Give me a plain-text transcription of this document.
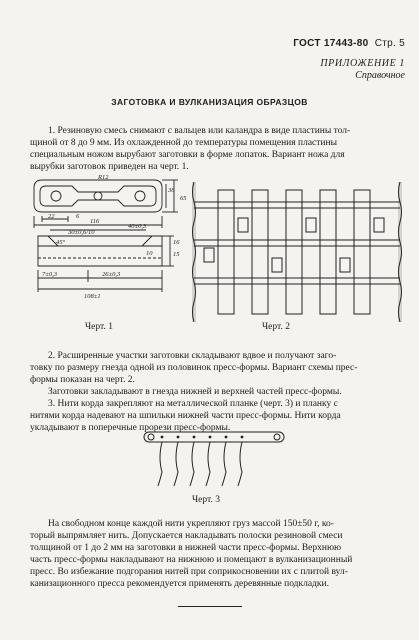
ГОСТ 17443-80 Стр. 5
ПРИЛОЖЕНИЕ 1
Справочное
ЗАГОТОВКА И ВУЛКАНИЗАЦИЯ ОБРАЗЦОВ
1. Резиновую смесь снимают с вальцев или каландра в виде пластины тол-
щиной от 8 до 9 мм. Из охлажденной до температуры помещения пластины
специальным ножом вырубают заготовки в форме лопаток. Вариант ножа для
вырубки заготовок приведен на черт. 1.
R12
22	6
116
65
36
40±0,3
30±0,6/10
45°	16
15
10
7±0,3	26±0,3
108±1
Черт. 1	Черт. 2
2. Расширенные участки заготовки складывают вдвое и получают заго-
товку по размеру гнезда одной из половинок пресс-формы. Вариант схемы прес-
формы показан на черт. 2.
Заготовки закладывают в гнезда нижней и верхней частей пресс-формы.
3. Нити корда закрепляют на металлической планке (черт. 3) и планку с
нитями корда надевают на шпильки нижней части пресс-формы. Нити корда
укладывают в поперечные прорези пресс-формы.
Черт. 3
На свободном конце каждой нити укрепляют груз массой 150±50 г, ко-
торый выпрямляет нить. Допускается накладывать полоски резиновой смеси
толщиной от 1 до 2 мм на заготовки в нижней части пресс-формы. Верхнюю
часть пресс-формы накладывают на нижнюю и помещают в вулканизационный
пресс. Во избежание подгорания нитей при соприкосновении их с плитой вул-
канизационного пресса рекомендуется применять деревянные подкладки.
